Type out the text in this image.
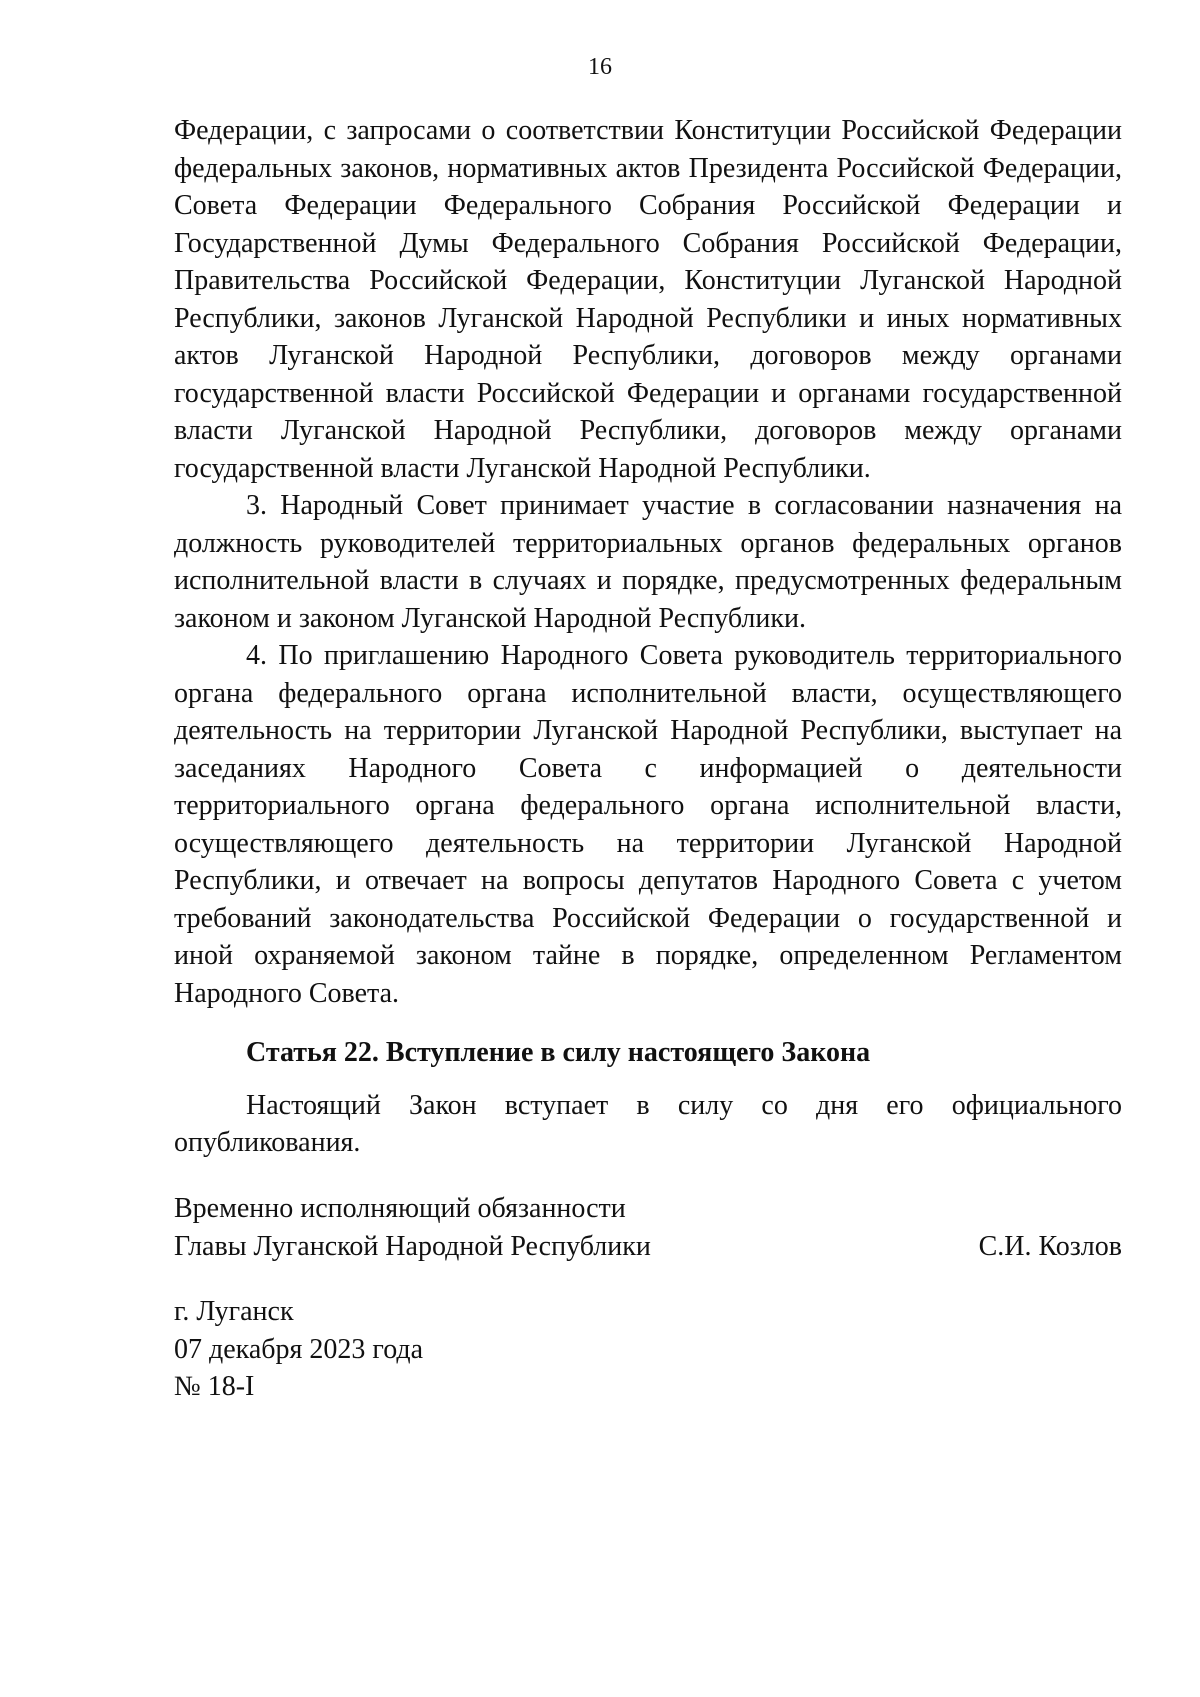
16

Федерации, с запросами о соответствии Конституции Российской Федерации федеральных законов, нормативных актов Президента Российской Федерации, Совета Федерации Федерального Собрания Российской Федерации и Государственной Думы Федерального Собрания Российской Федерации, Правительства Российской Федерации, Конституции Луганской Народной Республики, законов Луганской Народной Республики и иных нормативных актов Луганской Народной Республики, договоров между органами государственной власти Российской Федерации и органами государственной власти Луганской Народной Республики, договоров между органами государственной власти Луганской Народной Республики.

3. Народный Совет принимает участие в согласовании назначения на должность руководителей территориальных органов федеральных органов исполнительной власти в случаях и порядке, предусмотренных федеральным законом и законом Луганской Народной Республики.

4. По приглашению Народного Совета руководитель территориального органа федерального органа исполнительной власти, осуществляющего деятельность на территории Луганской Народной Республики, выступает на заседаниях Народного Совета с информацией о деятельности территориального органа федерального органа исполнительной власти, осуществляющего деятельность на территории Луганской Народной Республики, и отвечает на вопросы депутатов Народного Совета с учетом требований законодательства Российской Федерации о государственной и иной охраняемой законом тайне в порядке, определенном Регламентом Народного Совета.

Статья 22. Вступление в силу настоящего Закона

Настоящий Закон вступает в силу со дня его официального опубликования.

Временно исполняющий обязанности
Главы Луганской Народной Республики	С.И. Козлов
г. Луганск
07 декабря 2023 года
№ 18-I
